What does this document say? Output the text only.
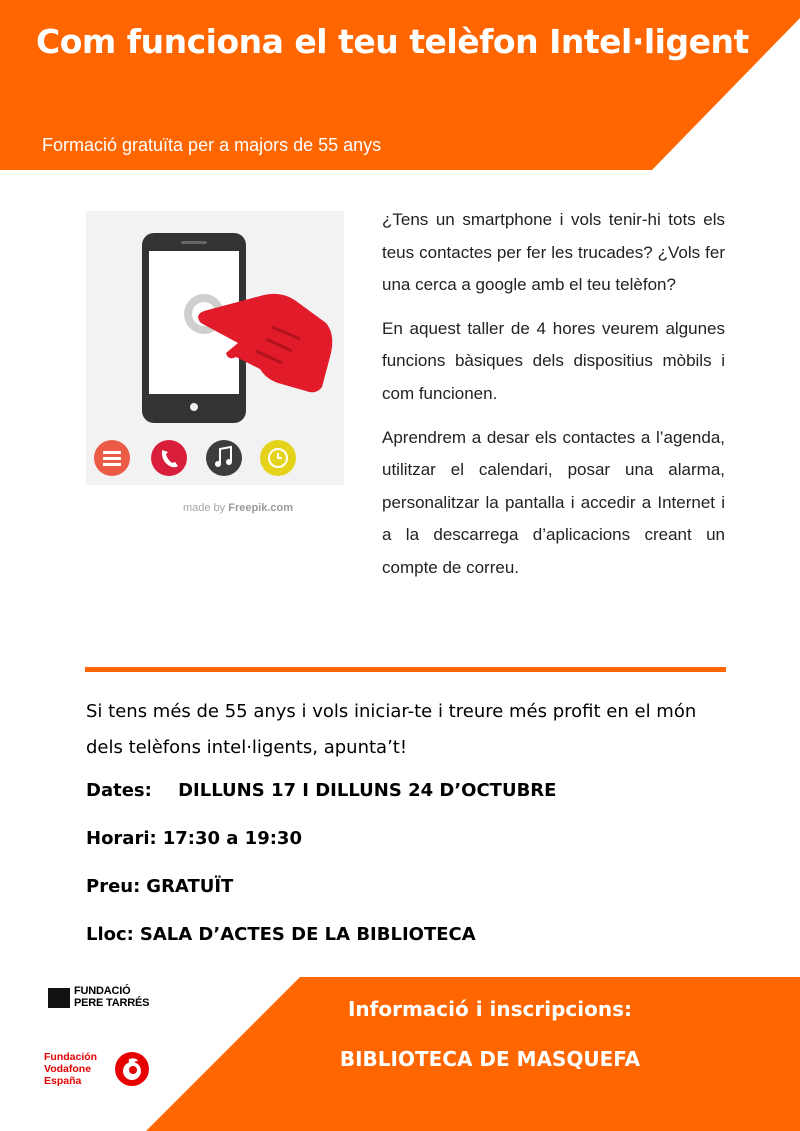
Com funciona el teu telèfon Intel·ligent
Formació gratuïta per a majors de 55 anys
made by Freepik.com

¿Tens un smartphone i vols tenir-hi tots els teus contactes per fer les trucades? ¿Vols fer una cerca a google amb el teu telèfon?

En aquest taller de 4 hores veurem algunes funcions bàsiques dels dispositius mòbils i com funcionen.

Aprendrem a desar els contactes a l’agenda, utilitzar el calendari, posar una alarma, personalitzar la pantalla i accedir a Internet i a la descarrega d’aplicacions creant un compte de correu.

Si tens més de 55 anys i vols iniciar-te i treure més profit en el món dels telèfons intel·ligents, apunta’t!

Dates: DILLUNS 17 I DILLUNS 24 D’OCTUBRE

Horari: 17:30 a 19:30

Preu: GRATUÏT

Lloc: SALA D’ACTES DE LA BIBLIOTECA

FUNDACIÓ
PERE TARRÉS
Fundación
Vodafone
España
Informació i inscripcions:
BIBLIOTECA DE MASQUEFA
